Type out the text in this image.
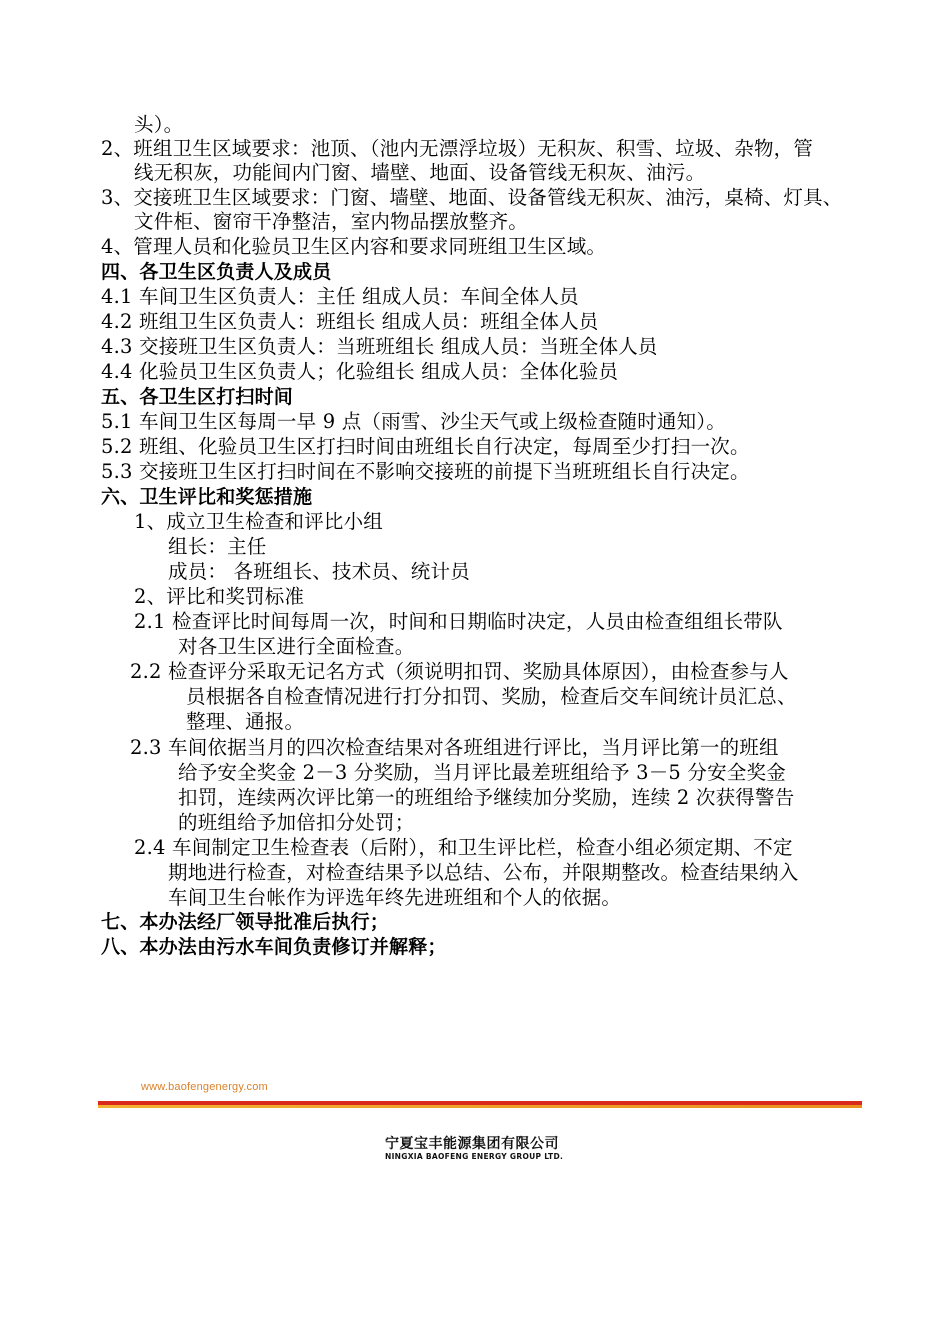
头）。
2、班组卫生区域要求：池顶、（池内无漂浮垃圾）无积灰、积雪、垃圾、杂物，管
线无积灰，功能间内门窗、墙壁、地面、设备管线无积灰、油污。
3、交接班卫生区域要求：门窗、墙壁、地面、设备管线无积灰、油污，桌椅、灯具、
文件柜、窗帘干净整洁，室内物品摆放整齐。
4、管理人员和化验员卫生区内容和要求同班组卫生区域。
四、各卫生区负责人及成员
4.1 车间卫生区负责人：主任 组成人员：车间全体人员
4.2 班组卫生区负责人：班组长 组成人员：班组全体人员
4.3 交接班卫生区负责人：当班班组长 组成人员：当班全体人员
4.4 化验员卫生区负责人；化验组长 组成人员：全体化验员
五、各卫生区打扫时间
5.1 车间卫生区每周一早 9 点（雨雪、沙尘天气或上级检查随时通知）。
5.2 班组、化验员卫生区打扫时间由班组长自行决定，每周至少打扫一次。
5.3 交接班卫生区打扫时间在不影响交接班的前提下当班班组长自行决定。
六、卫生评比和奖惩措施
1、成立卫生检查和评比小组
组长：主任
成员： 各班组长、技术员、统计员
2、评比和奖罚标准
2.1 检查评比时间每周一次，时间和日期临时决定，人员由检查组组长带队
对各卫生区进行全面检查。
2.2 检查评分采取无记名方式（须说明扣罚、奖励具体原因），由检查参与人
员根据各自检查情况进行打分扣罚、奖励，检查后交车间统计员汇总、
整理、通报。
2.3 车间依据当月的四次检查结果对各班组进行评比，当月评比第一的班组
给予安全奖金 2－3 分奖励，当月评比最差班组给予 3－5 分安全奖金
扣罚，连续两次评比第一的班组给予继续加分奖励，连续 2 次获得警告
的班组给予加倍扣分处罚；
2.4 车间制定卫生检查表（后附），和卫生评比栏，检查小组必须定期、不定
期地进行检查，对检查结果予以总结、公布，并限期整改。检查结果纳入
车间卫生台帐作为评选年终先进班组和个人的依据。
七、本办法经厂领导批准后执行；
八、本办法由污水车间负责修订并解释；
www.baofengenergy.com
宁夏宝丰能源集团有限公司
NINGXIA BAOFENG ENERGY GROUP LTD.
